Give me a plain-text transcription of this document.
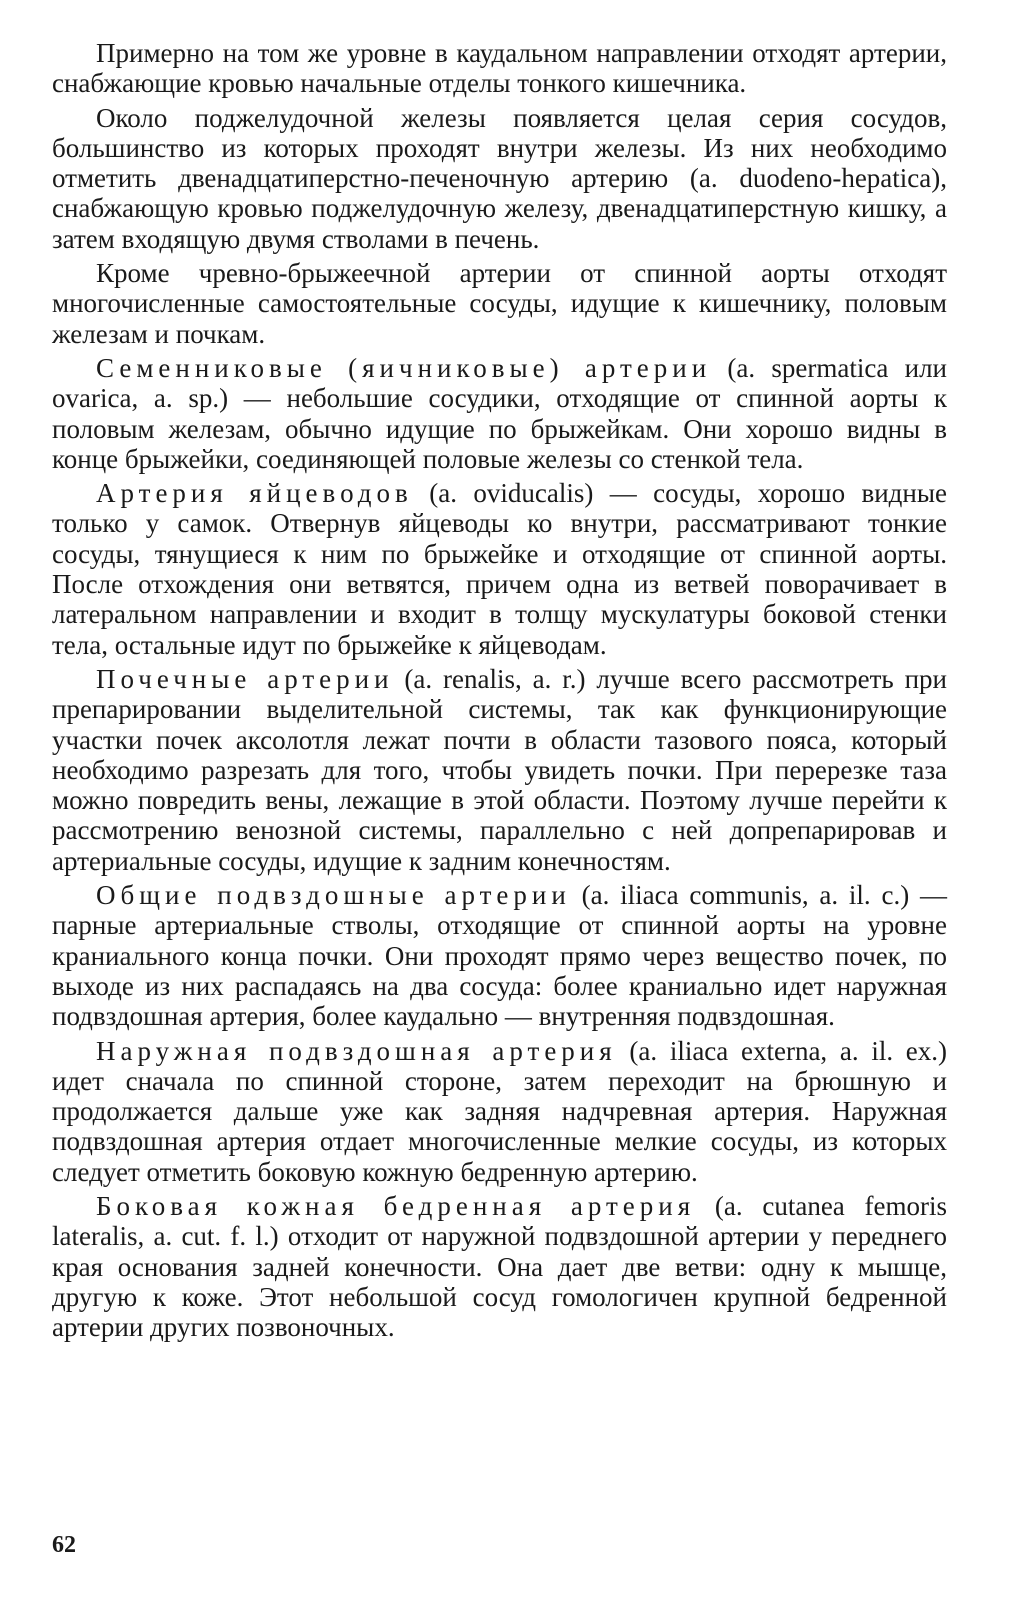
Примерно на том же уровне в каудальном направлении отходят артерии, снабжающие кровью начальные отделы тонкого кишечника.

Около поджелудочной железы появляется целая серия сосудов, большинство из которых проходят внутри железы. Из них необходимо отметить двенадцатиперстно-печеночную артерию (a. duodeno-hepatica), снабжающую кровью поджелудочную железу, двенадцатиперстную кишку, а затем входящую двумя стволами в печень.

Кроме чревно-брыжеечной артерии от спинной аорты отходят многочисленные самостоятельные сосуды, идущие к кишечнику, половым железам и почкам.

Семенниковые (яичниковые) артерии (a. spermatica или ovarica, a. sp.) — небольшие сосудики, отходящие от спинной аорты к половым железам, обычно идущие по брыжейкам. Они хорошо видны в конце брыжейки, соединяющей половые железы со стенкой тела.

Артерия яйцеводов (a. oviducalis) — сосуды, хорошо видные только у самок. Отвернув яйцеводы ко внутри, рассматривают тонкие сосуды, тянущиеся к ним по брыжейке и отходящие от спинной аорты. После отхождения они ветвятся, причем одна из ветвей поворачивает в латеральном направлении и входит в толщу мускулатуры боковой стенки тела, остальные идут по брыжейке к яйцеводам.

Почечные артерии (a. renalis, a. r.) лучше всего рассмотреть при препарировании выделительной системы, так как функционирующие участки почек аксолотля лежат почти в области тазового пояса, который необходимо разрезать для того, чтобы увидеть почки. При перерезке таза можно повредить вены, лежащие в этой области. Поэтому лучше перейти к рассмотрению венозной системы, параллельно с ней допрепарировав и артериальные сосуды, идущие к задним конечностям.

Общие подвздошные артерии (a. iliaca communis, a. il. c.) — парные артериальные стволы, отходящие от спинной аорты на уровне краниального конца почки. Они проходят прямо через вещество почек, по выходе из них распадаясь на два сосуда: более краниально идет наружная подвздошная артерия, более каудально — внутренняя подвздошная.

Наружная подвздошная артерия (a. iliaca externa, a. il. ex.) идет сначала по спинной стороне, затем переходит на брюшную и продолжается дальше уже как задняя надчревная артерия. Наружная подвздошная артерия отдает многочисленные мелкие сосуды, из которых следует отметить боковую кожную бедренную артерию.

Боковая кожная бедренная артерия (a. cutanea femoris lateralis, a. cut. f. l.) отходит от наружной подвздошной артерии у переднего края основания задней конечности. Она дает две ветви: одну к мышце, другую к коже. Этот небольшой сосуд гомологичен крупной бедренной артерии других позвоночных.

62
